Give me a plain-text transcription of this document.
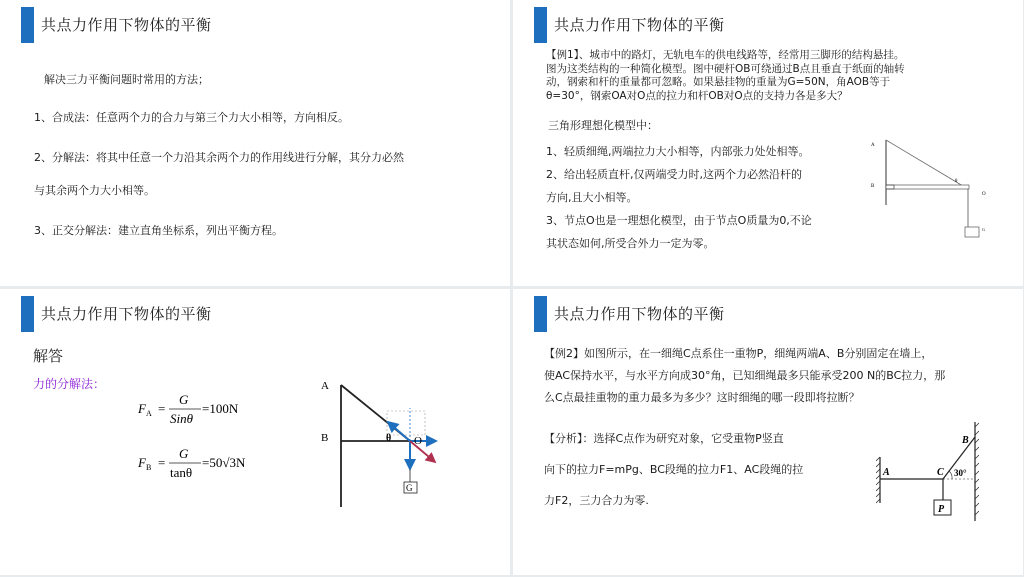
共点力作用下物体的平衡
解决三力平衡问题时常用的方法；
1、合成法：任意两个力的合力与第三个力大小相等，方向相反。
2、分解法：将其中任意一个力沿其余两个力的作用线进行分解，其分力必然
与其余两个力大小相等。
3、正交分解法：建立直角坐标系，列出平衡方程。
共点力作用下物体的平衡
【例1】、城市中的路灯，无轨电车的供电线路等，经常用三脚形的结构悬挂。
图为这类结构的一种简化模型。图中硬杆OB可绕通过B点且垂直于纸面的轴转
动，钢索和杆的重量都可忽略。如果悬挂物的重量为G=50N，角AOB等于
θ=30°，钢索OA对O点的拉力和杆OB对O点的支持力各是多大？
三角形理想化模型中：
1、轻质细绳,两端拉力大小相等，内部张力处处相等。
2、给出轻质直杆,仅两端受力时,这两个力必然沿杆的
方向,且大小相等。
3、节点O也是一理想化模型，由于节点O质量为0,不论
其状态如何,所受合外力一定为零。
A
B
O
θ
G
共点力作用下物体的平衡
解答
力的分解法：
F A =
G
Sinθ
=100N
F B =
G
tanθ
=50√3N
A
B	θ O
G
共点力作用下物体的平衡
【例2】如图所示，在一细绳C点系住一重物P，细绳两端A、B分别固定在墙上，
使AC保持水平，与水平方向成30°角，已知细绳最多只能承受200 N的BC拉力，那
么C点最挂重物的重力最多为多少？这时细绳的哪一段即将拉断？
【分析】：选择C点作为研究对象，它受重物P竖直
向下的拉力F=mPg、BC段绳的拉力F1、AC段绳的拉
力F2，三力合力为零.
A	C
B
30°
P
